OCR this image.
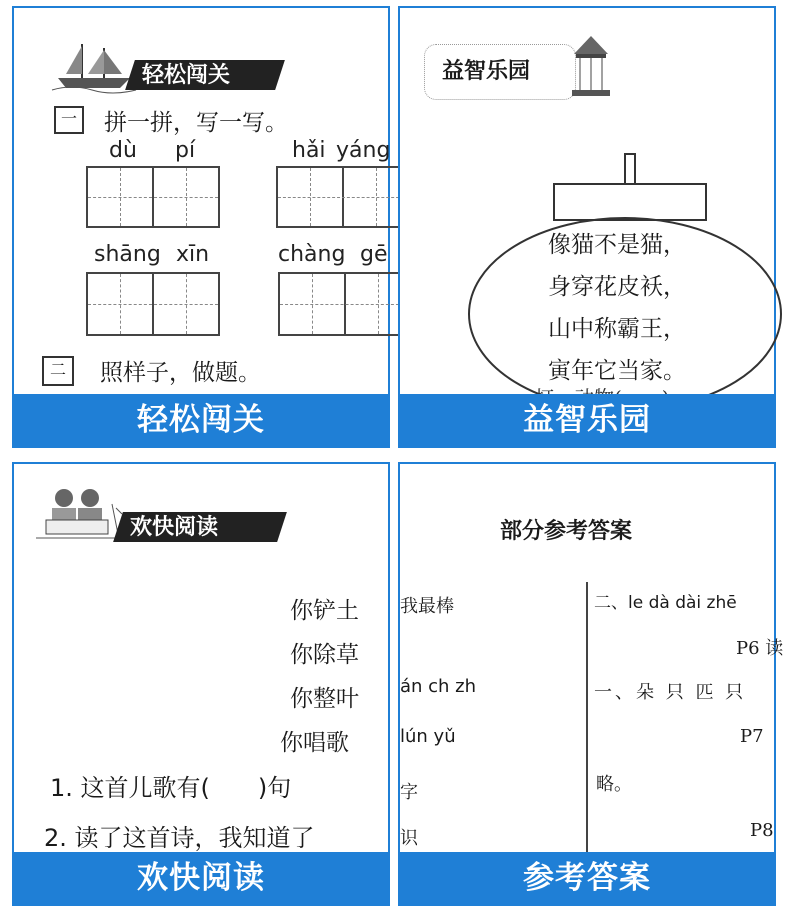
轻松闯关
一	拼一拼，写一写。
dù pí	hǎi yáng
shāng xīn	chàng gē
二	照样子，做题。
轻松闯关
益智乐园
像猫不是猫，
身穿花皮袄，
山中称霸王，
寅年它当家。
益智乐园
欢快阅读
你铲土
你除草
你整叶
你唱歌
1. 这首儿歌有(　　)句
2. 读了这首诗，我知道了
欢快阅读
部分参考答案
我最棒
án ch zh
lún yǔ
字
识
二、le dà dài zhē
P6 读
一、朵 只 匹 只
P7
略。
P8
参考答案
